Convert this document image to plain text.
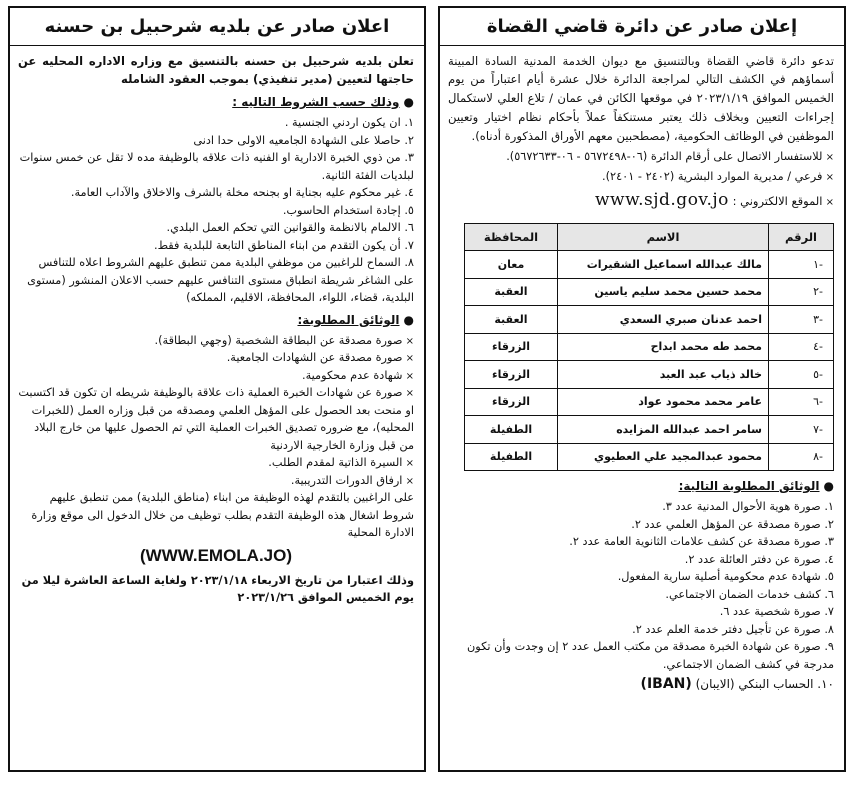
إعلان صادر عن دائرة قاضي القضاة

تدعو دائرة قاضي القضاة وبالتنسيق مع ديوان الخدمة المدنية السادة المبينة أسماؤهم في الكشف التالي لمراجعة الدائرة خلال عشرة أيام اعتباراً من يوم الخميس الموافق ٢٠٢٣/١/١٩ في موقعها الكائن في عمان / تلاع العلي لاستكمال إجراءات التعيين وبخلاف ذلك يعتبر مستنكفاً عملاً بأحكام نظام اختيار وتعيين الموظفين في الوظائف الحكومية، (مصطحبين معهم الأوراق المذكورة أدناه).

× للاستفسار الاتصال على أرقام الدائرة (٠٦-٥٦٧٢٤٩٨ - ٠٦-٥٦٧٢٦٣٣).

× فرعي / مديرية الموارد البشرية (٢٤٠٢ - ٢٤٠١).

× الموقع الالكتروني : www.sjd.gov.jo

الرقم	الاسم	المحافظة
-١	مالك عبدالله اسماعيل الشقيرات	معان
-٢	محمد حسين محمد سليم ياسين	العقبة
-٣	احمد عدنان صبري السعدي	العقبة
-٤	محمد طه محمد ابداح	الزرقاء
-٥	خالد ذياب عبد العبد	الزرقاء
-٦	عامر محمد محمود عواد	الزرقاء
-٧	سامر احمد عبدالله المزايده	الطفيلة
-٨	محمود عبدالمجيد علي العطيوي	الطفيلة
●الوثائق المطلوبة التالية:

١. صورة هوية الأحوال المدنية عدد ٣.

٢. صورة مصدقة عن المؤهل العلمي عدد ٢.

٣. صورة مصدقة عن كشف علامات الثانوية العامة عدد ٢.

٤. صورة عن دفتر العائلة عدد ٢.

٥. شهادة عدم محكومية أصلية سارية المفعول.

٦. كشف خدمات الضمان الاجتماعي.

٧. صورة شخصية عدد ٦.

٨. صورة عن تأجيل دفتر خدمة العلم عدد ٢.

٩. صورة عن شهادة الخبرة مصدقة من مكتب العمل عدد ٢ إن وجدت وأن تكون مدرجة في كشف الضمان الاجتماعي.

١٠. الحساب البنكي (الايبان) (IBAN)

اعلان صادر عن بلديه شرحبيل بن حسنه

تعلن بلديه شرحبيل بن حسنه بالتنسيق مع وزاره الاداره المحليه عن حاجتها لتعيين (مدير تنفيذي) بموجب العقود الشامله

●وذلك حسب الشروط التاليه :

١. ان يكون اردني الجنسية .

٢. حاصلا على الشهادة الجامعيه الاولى حدا ادنى

٣. من ذوي الخبرة الادارية او الفنيه ذات علاقه بالوظيفة مده لا تقل عن خمس سنوات لبلديات الفئة الثانية.

٤. غير محكوم عليه بجناية او بجنحه مخلة بالشرف والاخلاق والآداب العامة.

٥. إجادة استخدام الحاسوب.

٦. الالمام بالانظمة والقوانين التي تحكم العمل البلدي.

٧. أن يكون التقدم من ابناء المناطق التابعة للبلدية فقط.

٨. السماح للراغبين من موظفي البلدية ممن تنطبق عليهم الشروط اعلاه للتنافس على الشاغر شريطة انطباق مستوى التنافس عليهم حسب الاعلان المنشور (مستوى البلدية، قضاء، اللواء، المحافظة، الاقليم، المملكه)

●الوثائق المطلوبة:

× صورة مصدقة عن البطاقة الشخصية (وجهي البطاقة).

× صورة مصدقة عن الشهادات الجامعية.

× شهادة عدم محكومية.

× صورة عن شهادات الخبرة العملية ذات علاقة بالوظيفة شريطه ان تكون قد اكتسبت او منحت بعد الحصول على المؤهل العلمي ومصدقه من قبل وزاره العمل (للخبرات المحليه)، مع ضروره تصديق الخبرات العملية التي تم الحصول عليها من خارج البلاد من قبل وزارة الخارجية الاردنية

× السيرة الذاتية لمقدم الطلب.

× ارفاق الدورات التدريبية.

على الراغبين بالتقدم لهذه الوظيفة من ابناء (مناطق البلدية) ممن تنطبق عليهم شروط اشغال هذه الوظيفة التقدم بطلب توظيف من خلال الدخول الى موقع وزارة الادارة المحلية

(WWW.EMOLA.JO)

وذلك اعتبارا من تاريخ الاربعاء ٢٠٢٣/١/١٨ ولغاية الساعة العاشرة ليلا من يوم الخميس الموافق ٢٠٢٣/١/٢٦
